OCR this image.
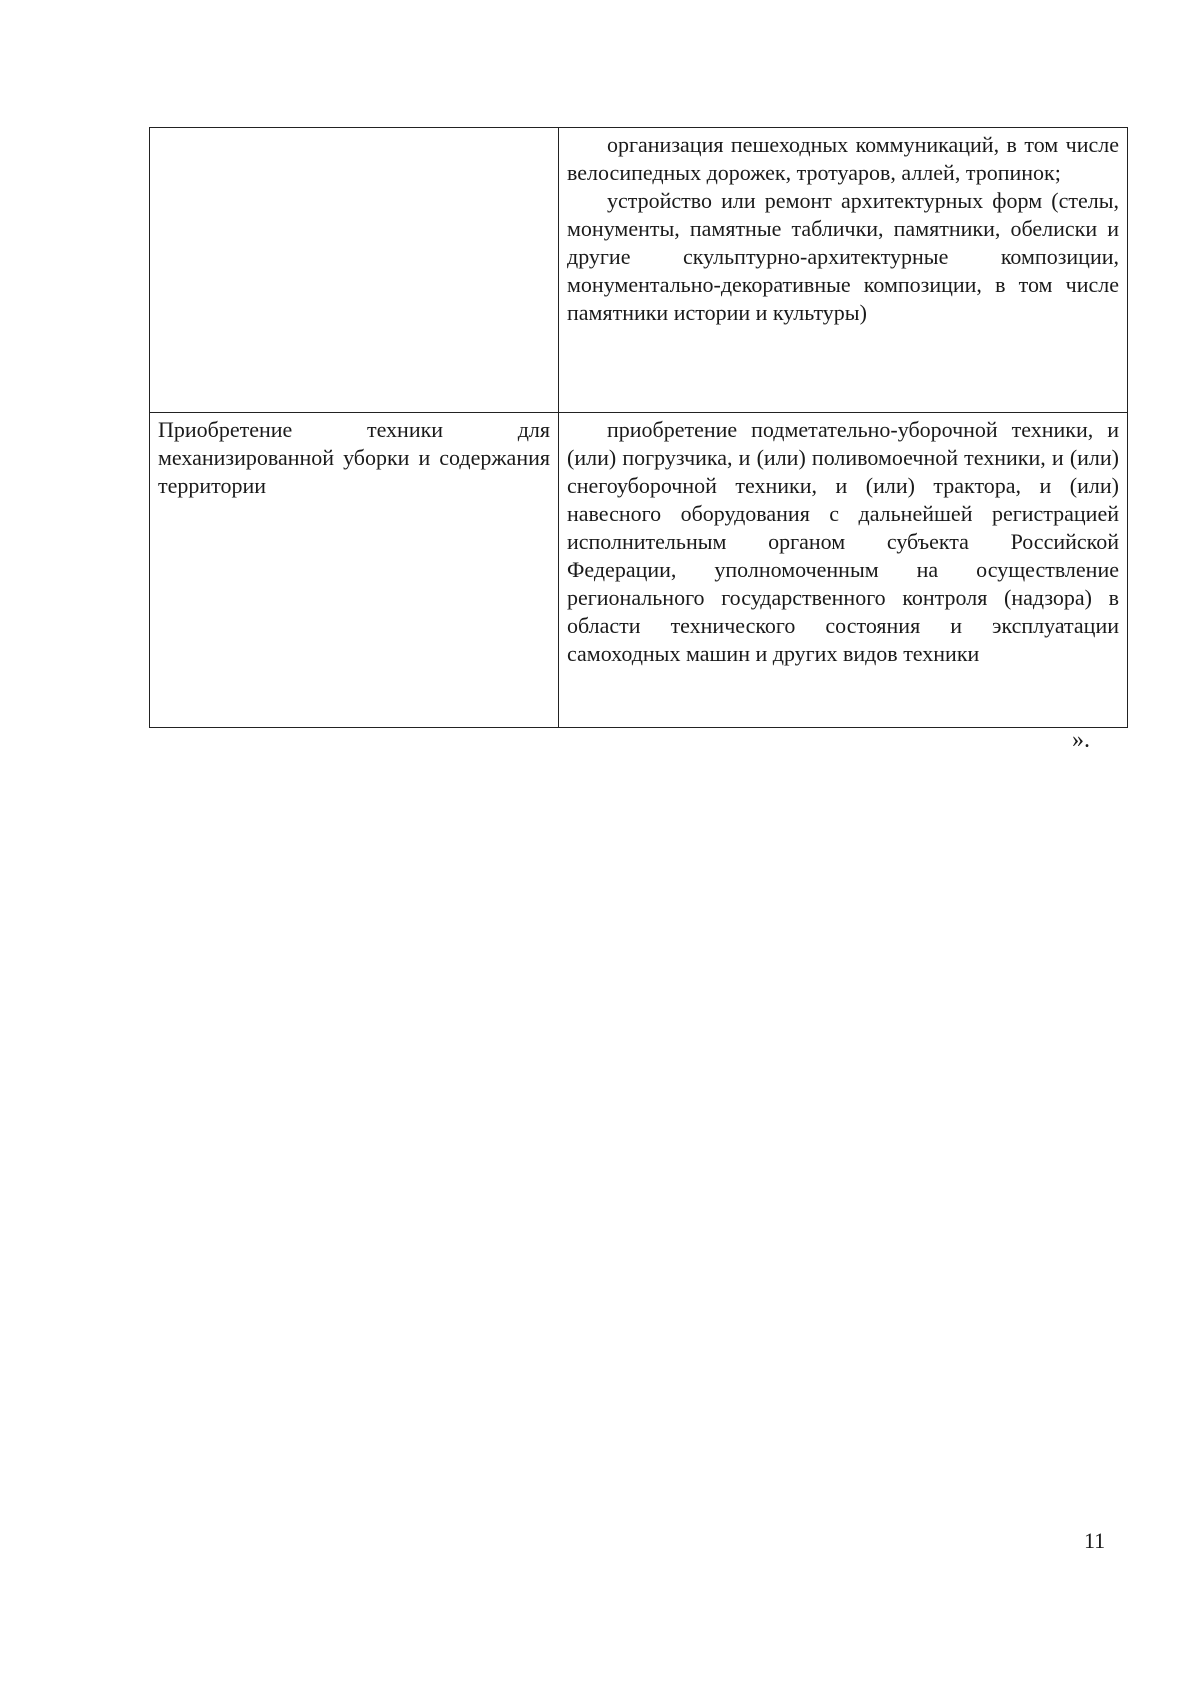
	организация пешеходных коммуникаций, в том числе велосипедных дорожек, тротуаров, аллей, тропинок;

устройство или ремонт архитектурных форм (стелы, монументы, памятные таблички, памятники, обелиски и другие скульптурно-архитектурные композиции, монументально-декоративные композиции, в том числе памятники истории и культуры)

Приобретение техники для механизированной уборки и содержания территории	приобретение подметательно-уборочной техники, и (или) погрузчика, и (или) поливомоечной техники, и (или) снегоуборочной техники, и (или) трактора, и (или) навесного оборудования с дальнейшей регистрацией исполнительным органом субъекта Российской Федерации, уполномоченным на осуществление регионального государственного контроля (надзора) в области технического состояния и эксплуатации самоходных машин и других видов техники

».
11
